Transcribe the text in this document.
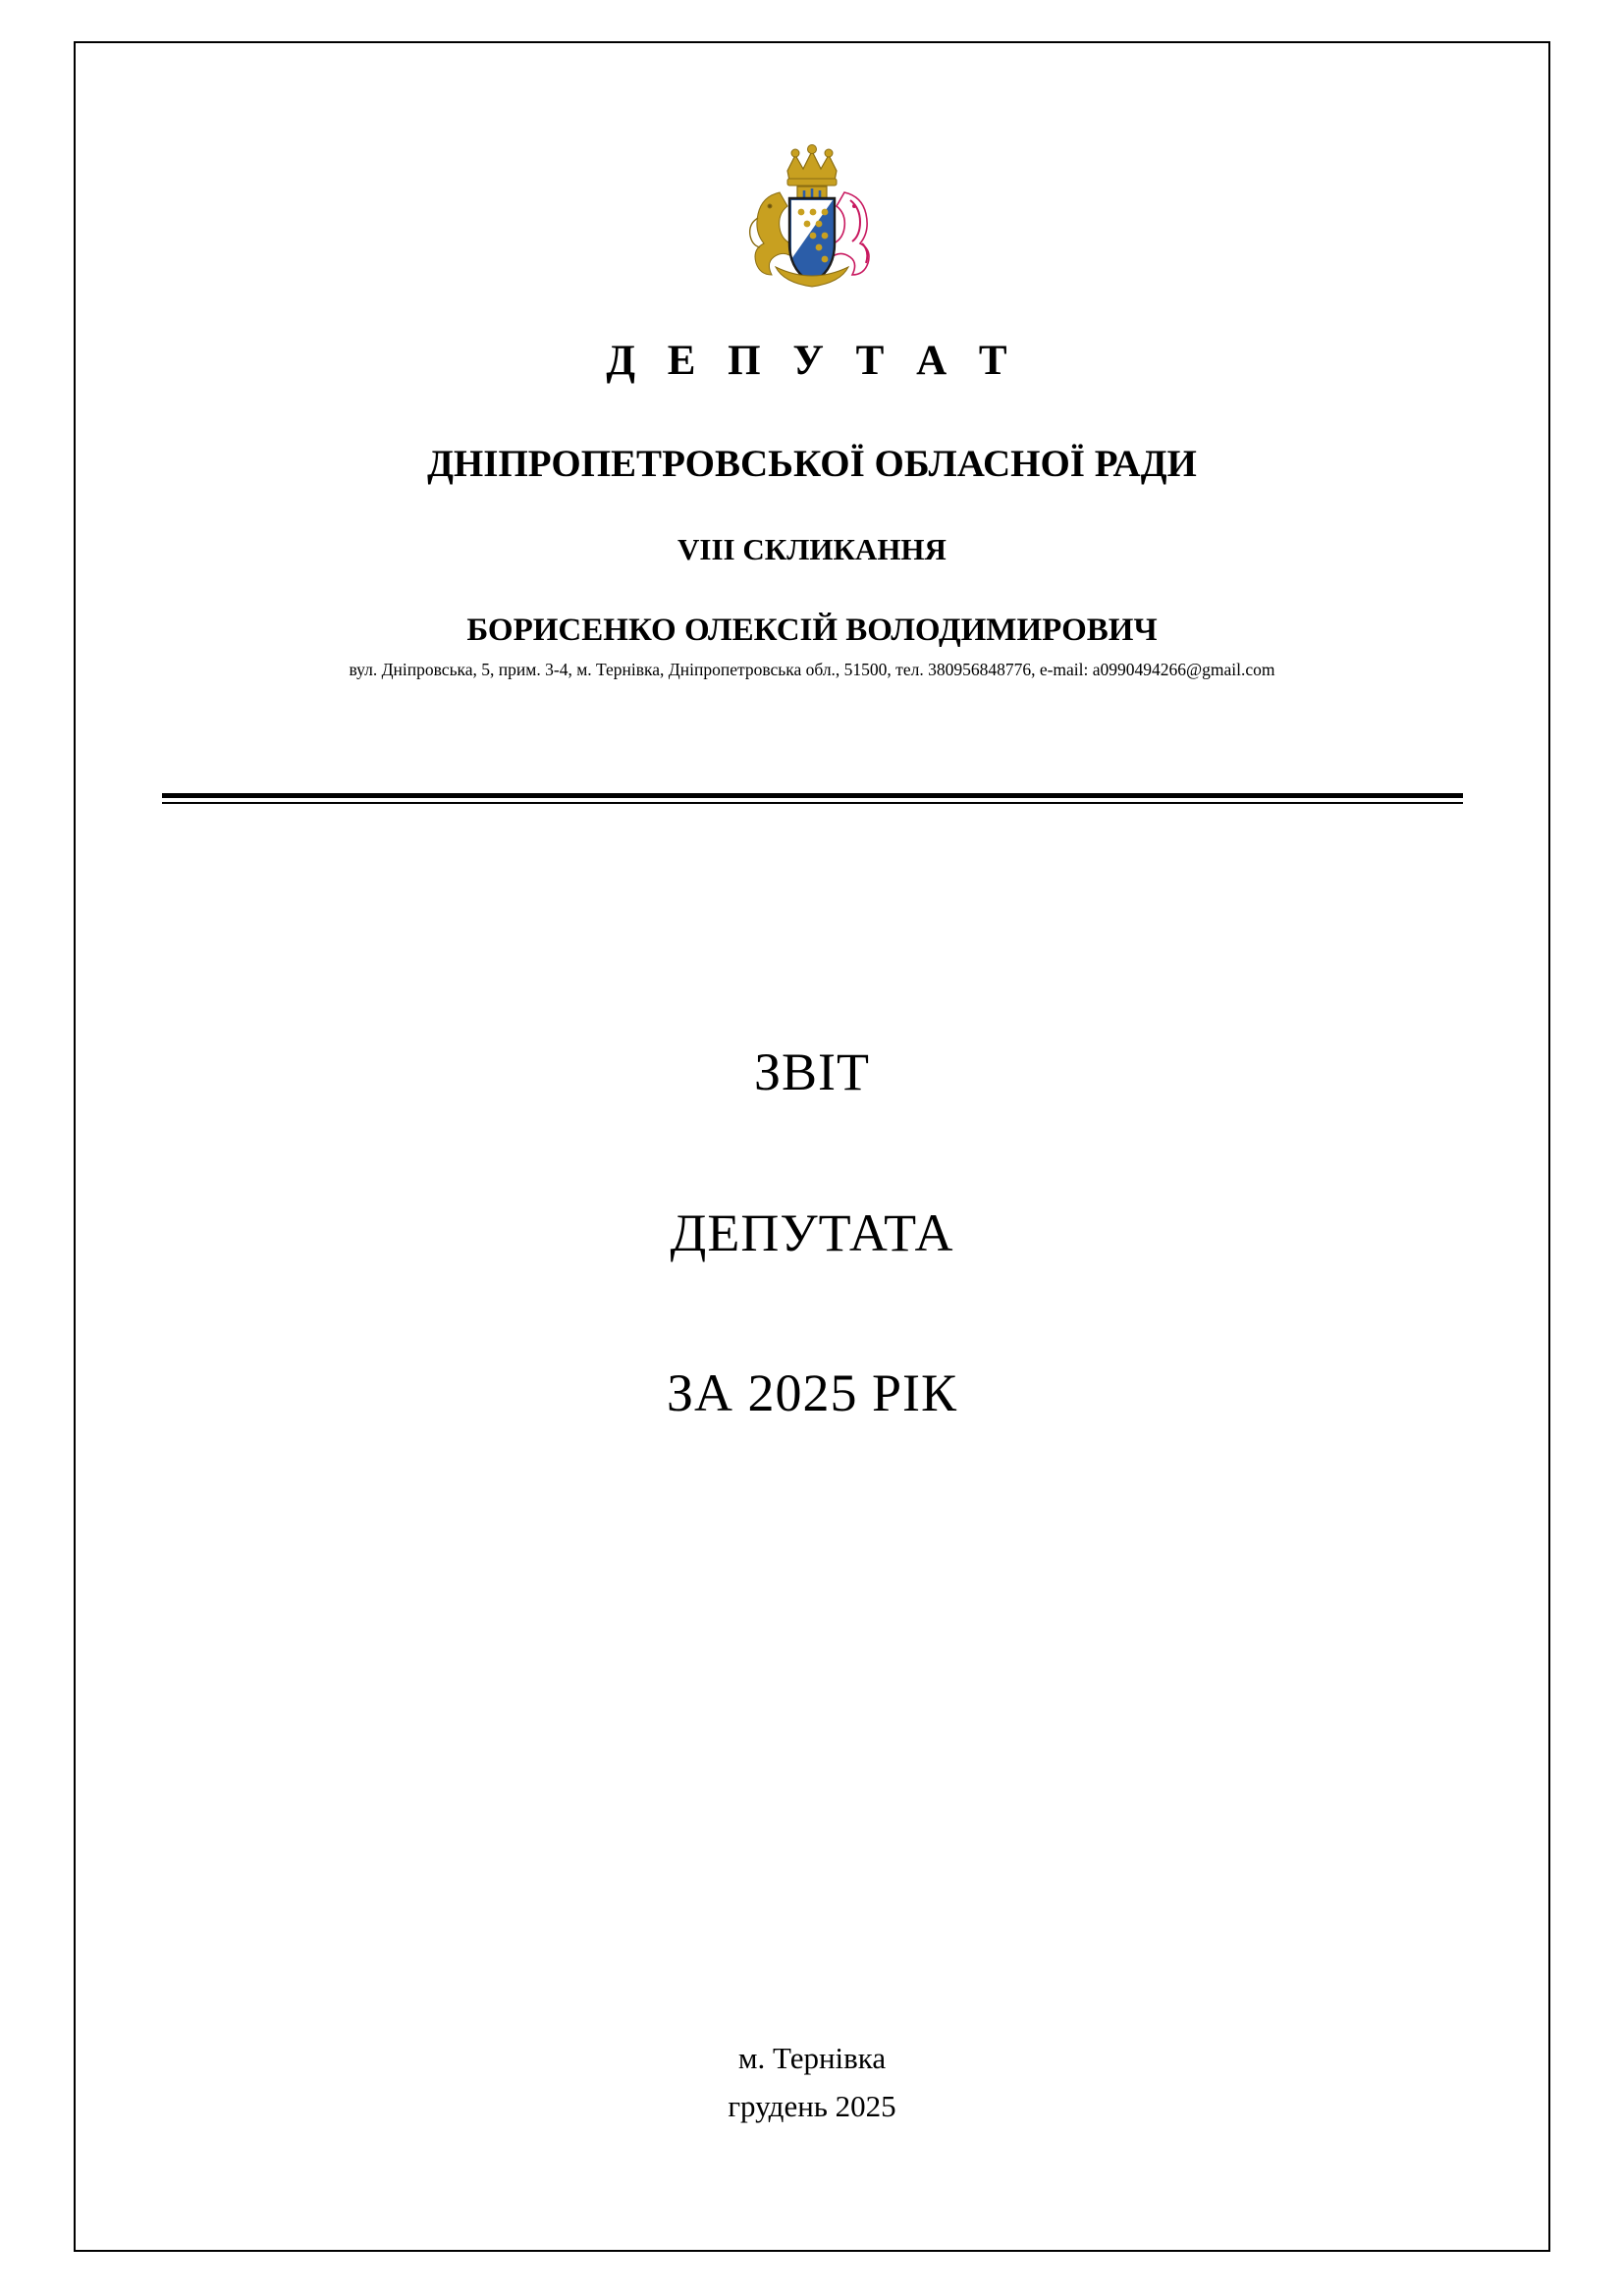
Д Е П У Т А Т

ДНІПРОПЕТРОВСЬКОЇ ОБЛАСНОЇ РАДИ

VIII СКЛИКАННЯ

БОРИСЕНКО ОЛЕКСІЙ ВОЛОДИМИРОВИЧ

вул. Дніпровська, 5, прим. 3-4, м. Тернівка, Дніпропетровська обл., 51500, тел. 380956848776, e-mail: a0990494266@gmail.com

ЗВІТ

ДЕПУТАТА

ЗА 2025 РІК

м. Тернівка

грудень 2025
